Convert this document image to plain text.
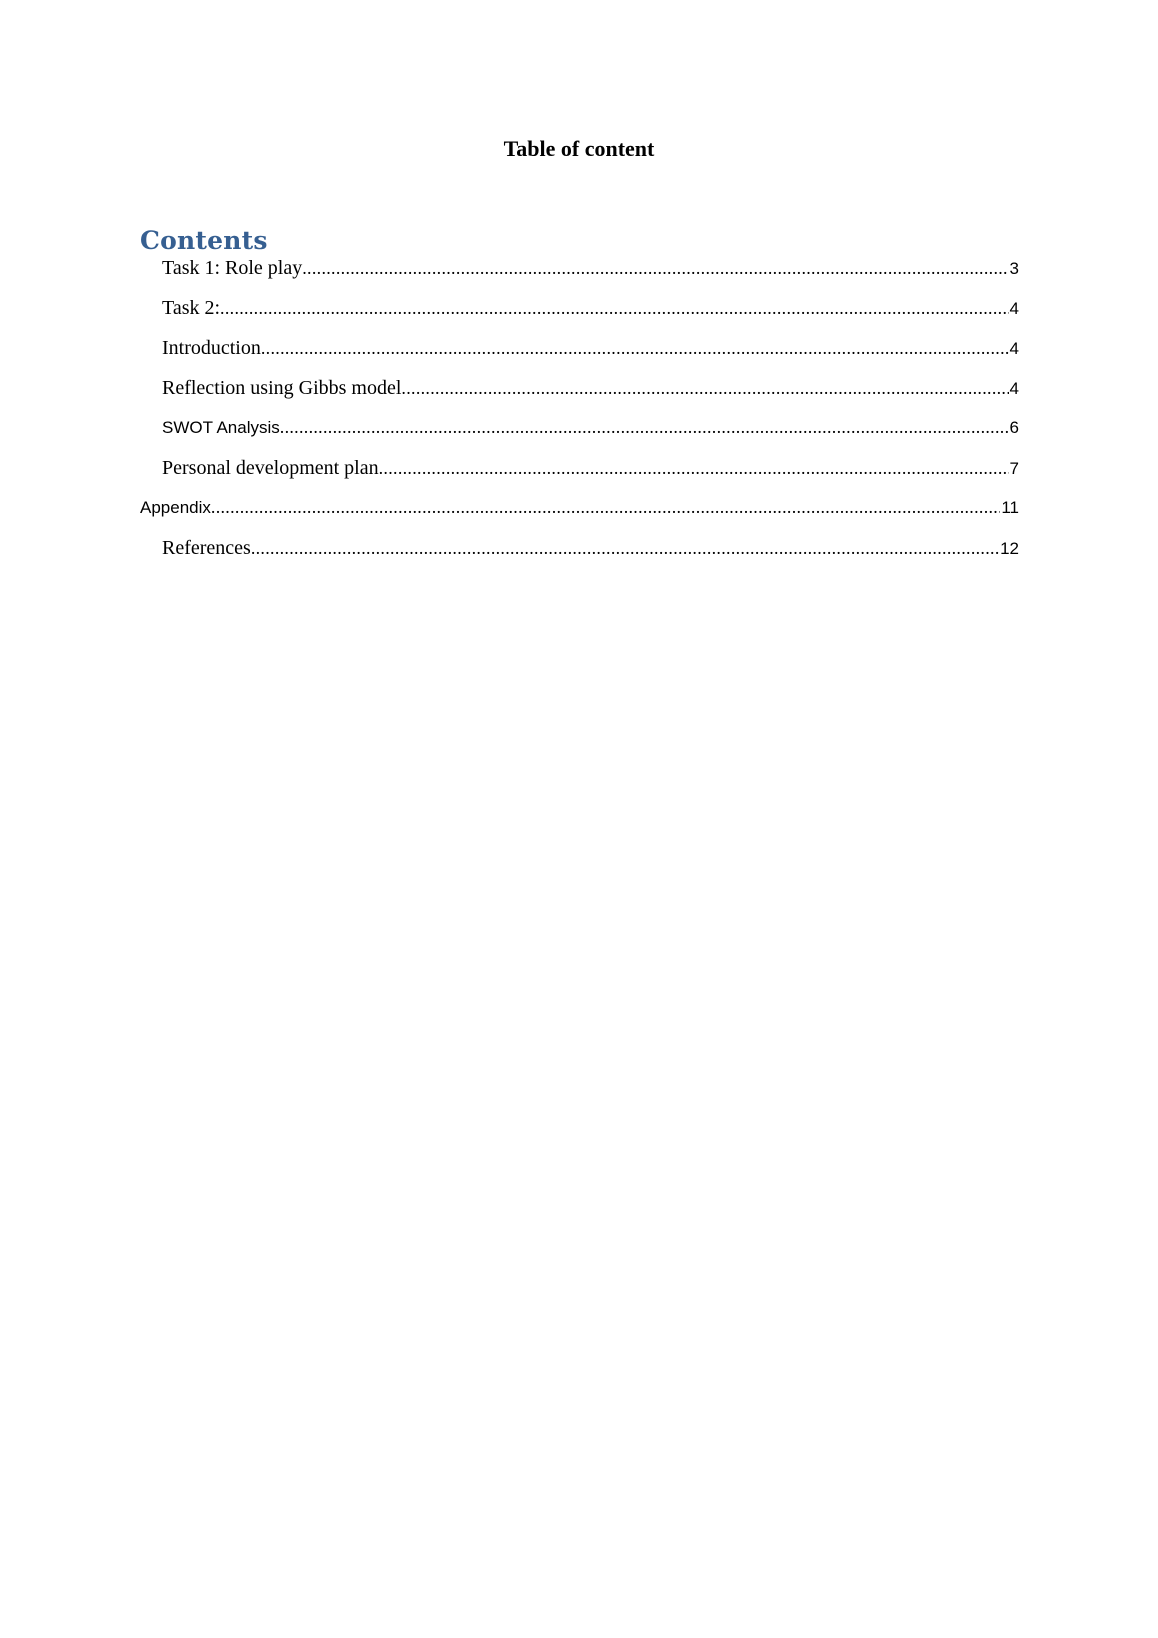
Table of content
Contents
Task 1: Role play .....	3
Task 2: .....	4
Introduction .....	4
Reflection using Gibbs model .....	4
SWOT Analysis .....	6
Personal development plan .....	7
Appendix .....	11
References .....	12
